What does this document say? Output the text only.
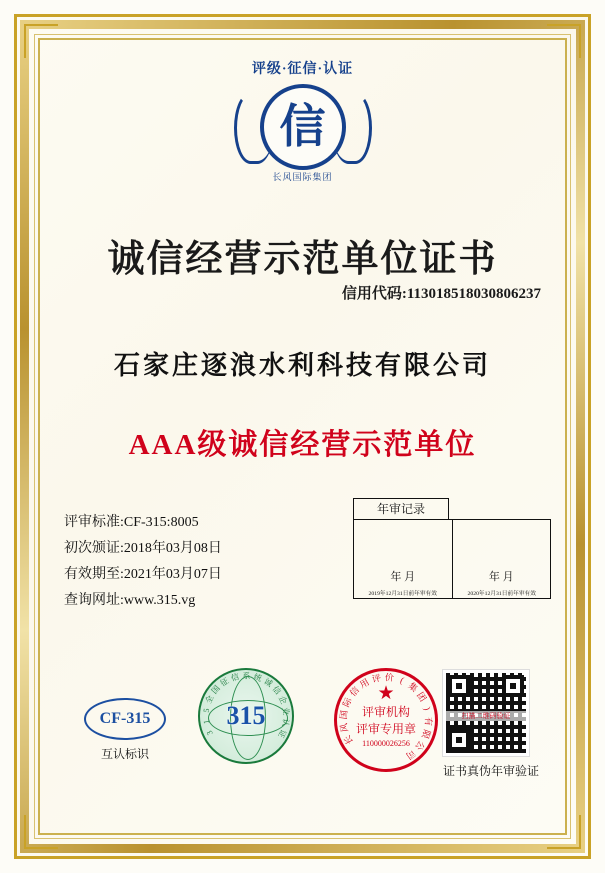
评级·征信·认证
信
长风国际集团
诚信经营示范单位证书
信用代码:113018518030806237
石家庄逐浪水利科技有限公司
AAA级诚信经营示范单位
评审标准:CF-315:8005
初次颁证:2018年03月08日
有效期至:2021年03月07日
查询网址:www.315.vg
年审记录
年 月
2019年12月31日前年审有效
年 月
2020年12月31日前年审有效
CF-315
互认标识
3
1
5
全
国
征 信 系 统 诚
信
企
业
认
证
315
长
风
国
际
信
用 评 价 (
集
团
)
有
限
公
司
★
评审机构
评审专用章
110000026256
扫描二维码验证
证书真伪年审验证
